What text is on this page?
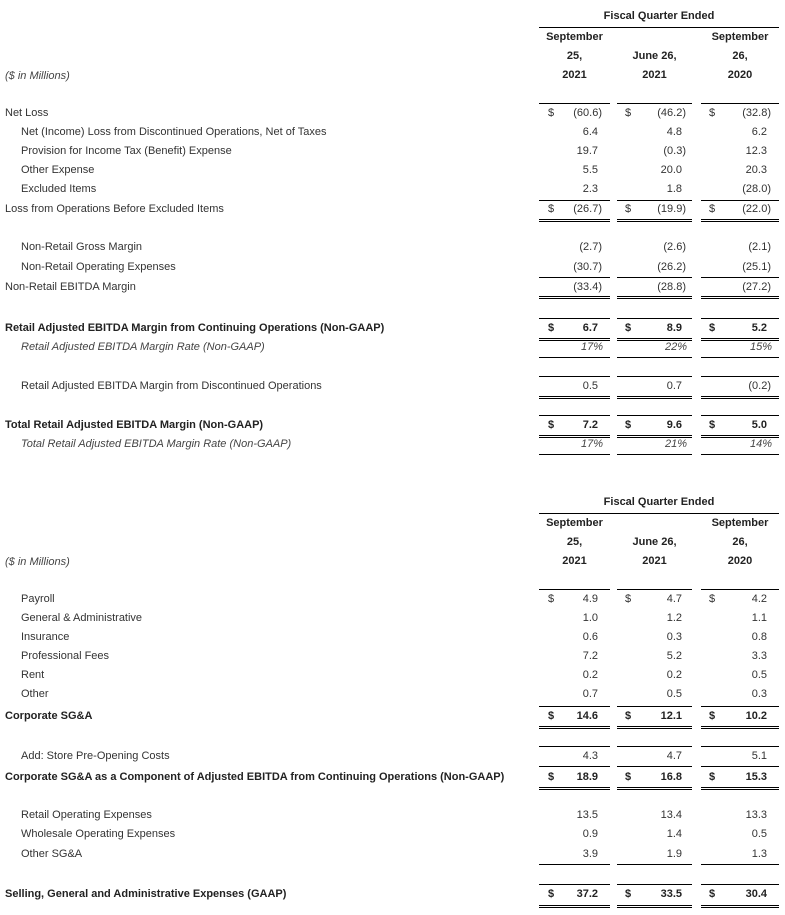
Fiscal Quarter Ended
September
25,
2021
June 26,
2021
September
26,
2020
($ in Millions)
Net Loss	$	(60.6) $	(46.2) $	(32.8)
Net (Income) Loss from Discontinued Operations, Net of Taxes	6.4	4.8	6.2
Provision for Income Tax (Benefit) Expense	19.7	(0.3)	12.3
Other Expense	5.5	20.0	20.3
Excluded Items	2.3	1.8	(28.0)
Loss from Operations Before Excluded Items	$	(26.7) $	(19.9) $	(22.0)
Non-Retail Gross Margin	(2.7)	(2.6)	(2.1)
Non-Retail Operating Expenses	(30.7)	(26.2)	(25.1)
Non-Retail EBITDA Margin	(33.4)	(28.8)	(27.2)
Retail Adjusted EBITDA Margin from Continuing Operations (Non-GAAP)	$	6.7 $	8.9 $	5.2
Retail Adjusted EBITDA Margin Rate (Non-GAAP)	17%	22%	15%
Retail Adjusted EBITDA Margin from Discontinued Operations	0.5	0.7	(0.2)
Total Retail Adjusted EBITDA Margin (Non-GAAP)	$	7.2 $	9.6 $	5.0
Total Retail Adjusted EBITDA Margin Rate (Non-GAAP)	17%	21%	14%
Fiscal Quarter Ended
September
25,
2021
June 26,
2021
September
26,
2020
($ in Millions)
Payroll	$	4.9 $	4.7 $	4.2
General & Administrative	1.0	1.2	1.1
Insurance	0.6	0.3	0.8
Professional Fees	7.2	5.2	3.3
Rent	0.2	0.2	0.5
Other	0.7	0.5	0.3
Corporate SG&A	$	14.6 $	12.1 $	10.2
Add: Store Pre-Opening Costs	4.3	4.7	5.1
Corporate SG&A as a Component of Adjusted EBITDA from Continuing Operations (Non-GAAP)	$	18.9 $	16.8 $	15.3
Retail Operating Expenses	13.5	13.4	13.3
Wholesale Operating Expenses	0.9	1.4	0.5
Other SG&A	3.9	1.9	1.3
Selling, General and Administrative Expenses (GAAP)	$	37.2 $	33.5 $	30.4
